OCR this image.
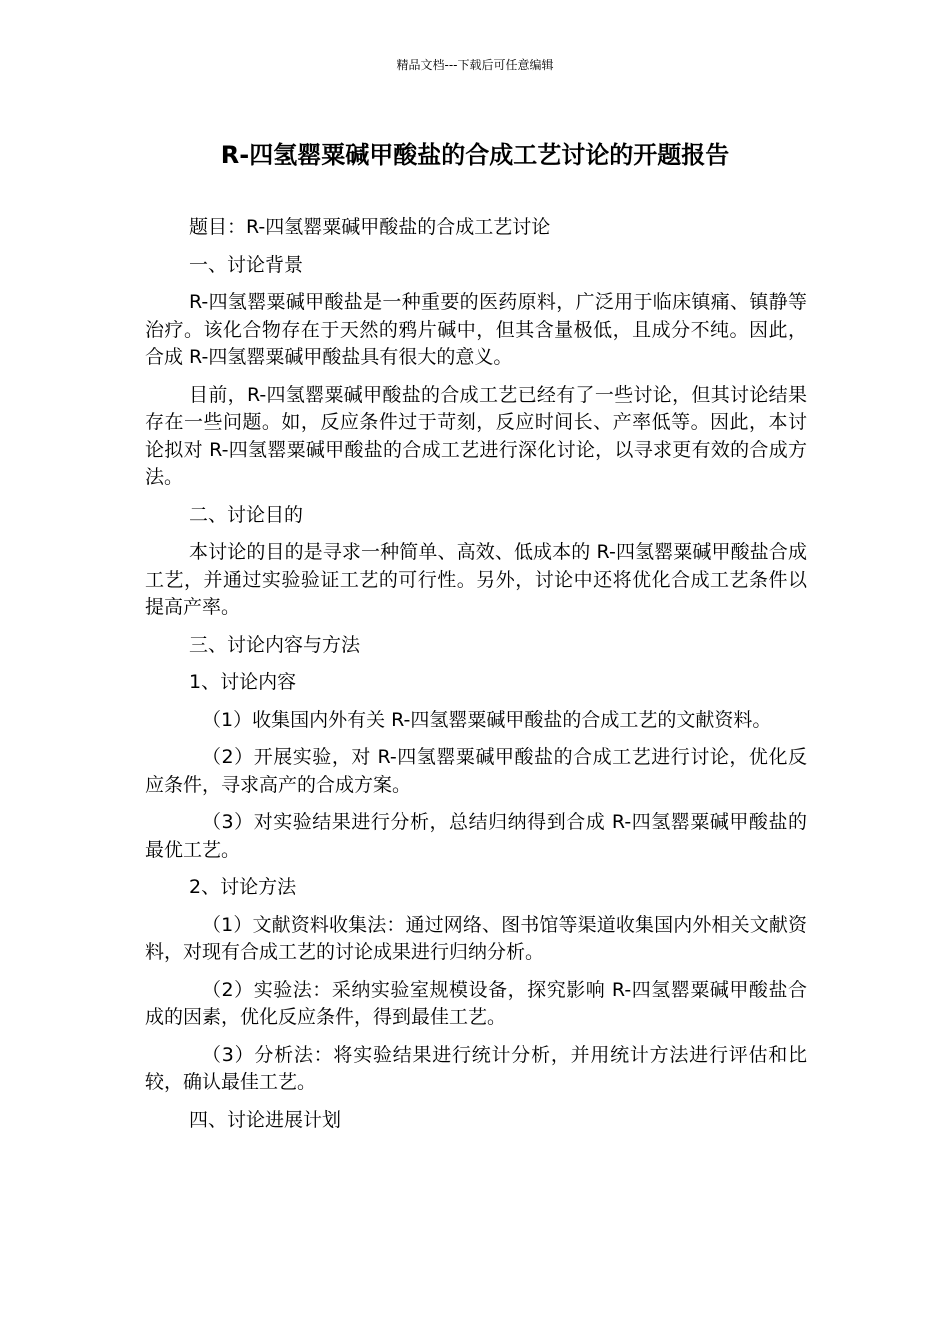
精品文档---下载后可任意编辑
R-四氢罂粟碱甲酸盐的合成工艺讨论的开题报告

题目：R-四氢罂粟碱甲酸盐的合成工艺讨论

一、讨论背景

R-四氢罂粟碱甲酸盐是一种重要的医药原料，广泛用于临床镇痛、镇静等治疗。该化合物存在于天然的鸦片碱中，但其含量极低，且成分不纯。因此，合成 R-四氢罂粟碱甲酸盐具有很大的意义。

目前，R-四氢罂粟碱甲酸盐的合成工艺已经有了一些讨论，但其讨论结果存在一些问题。如，反应条件过于苛刻，反应时间长、产率低等。因此，本讨论拟对 R-四氢罂粟碱甲酸盐的合成工艺进行深化讨论，以寻求更有效的合成方法。

二、讨论目的

本讨论的目的是寻求一种简单、高效、低成本的 R-四氢罂粟碱甲酸盐合成工艺，并通过实验验证工艺的可行性。另外，讨论中还将优化合成工艺条件以提高产率。

三、讨论内容与方法

1、讨论内容

（1）收集国内外有关 R-四氢罂粟碱甲酸盐的合成工艺的文献资料。

（2）开展实验，对 R-四氢罂粟碱甲酸盐的合成工艺进行讨论，优化反应条件，寻求高产的合成方案。

（3）对实验结果进行分析，总结归纳得到合成 R-四氢罂粟碱甲酸盐的最优工艺。

2、讨论方法

（1）文献资料收集法：通过网络、图书馆等渠道收集国内外相关文献资料，对现有合成工艺的讨论成果进行归纳分析。

（2）实验法：采纳实验室规模设备，探究影响 R-四氢罂粟碱甲酸盐合成的因素，优化反应条件，得到最佳工艺。

（3）分析法：将实验结果进行统计分析，并用统计方法进行评估和比较，确认最佳工艺。

四、讨论进展计划
